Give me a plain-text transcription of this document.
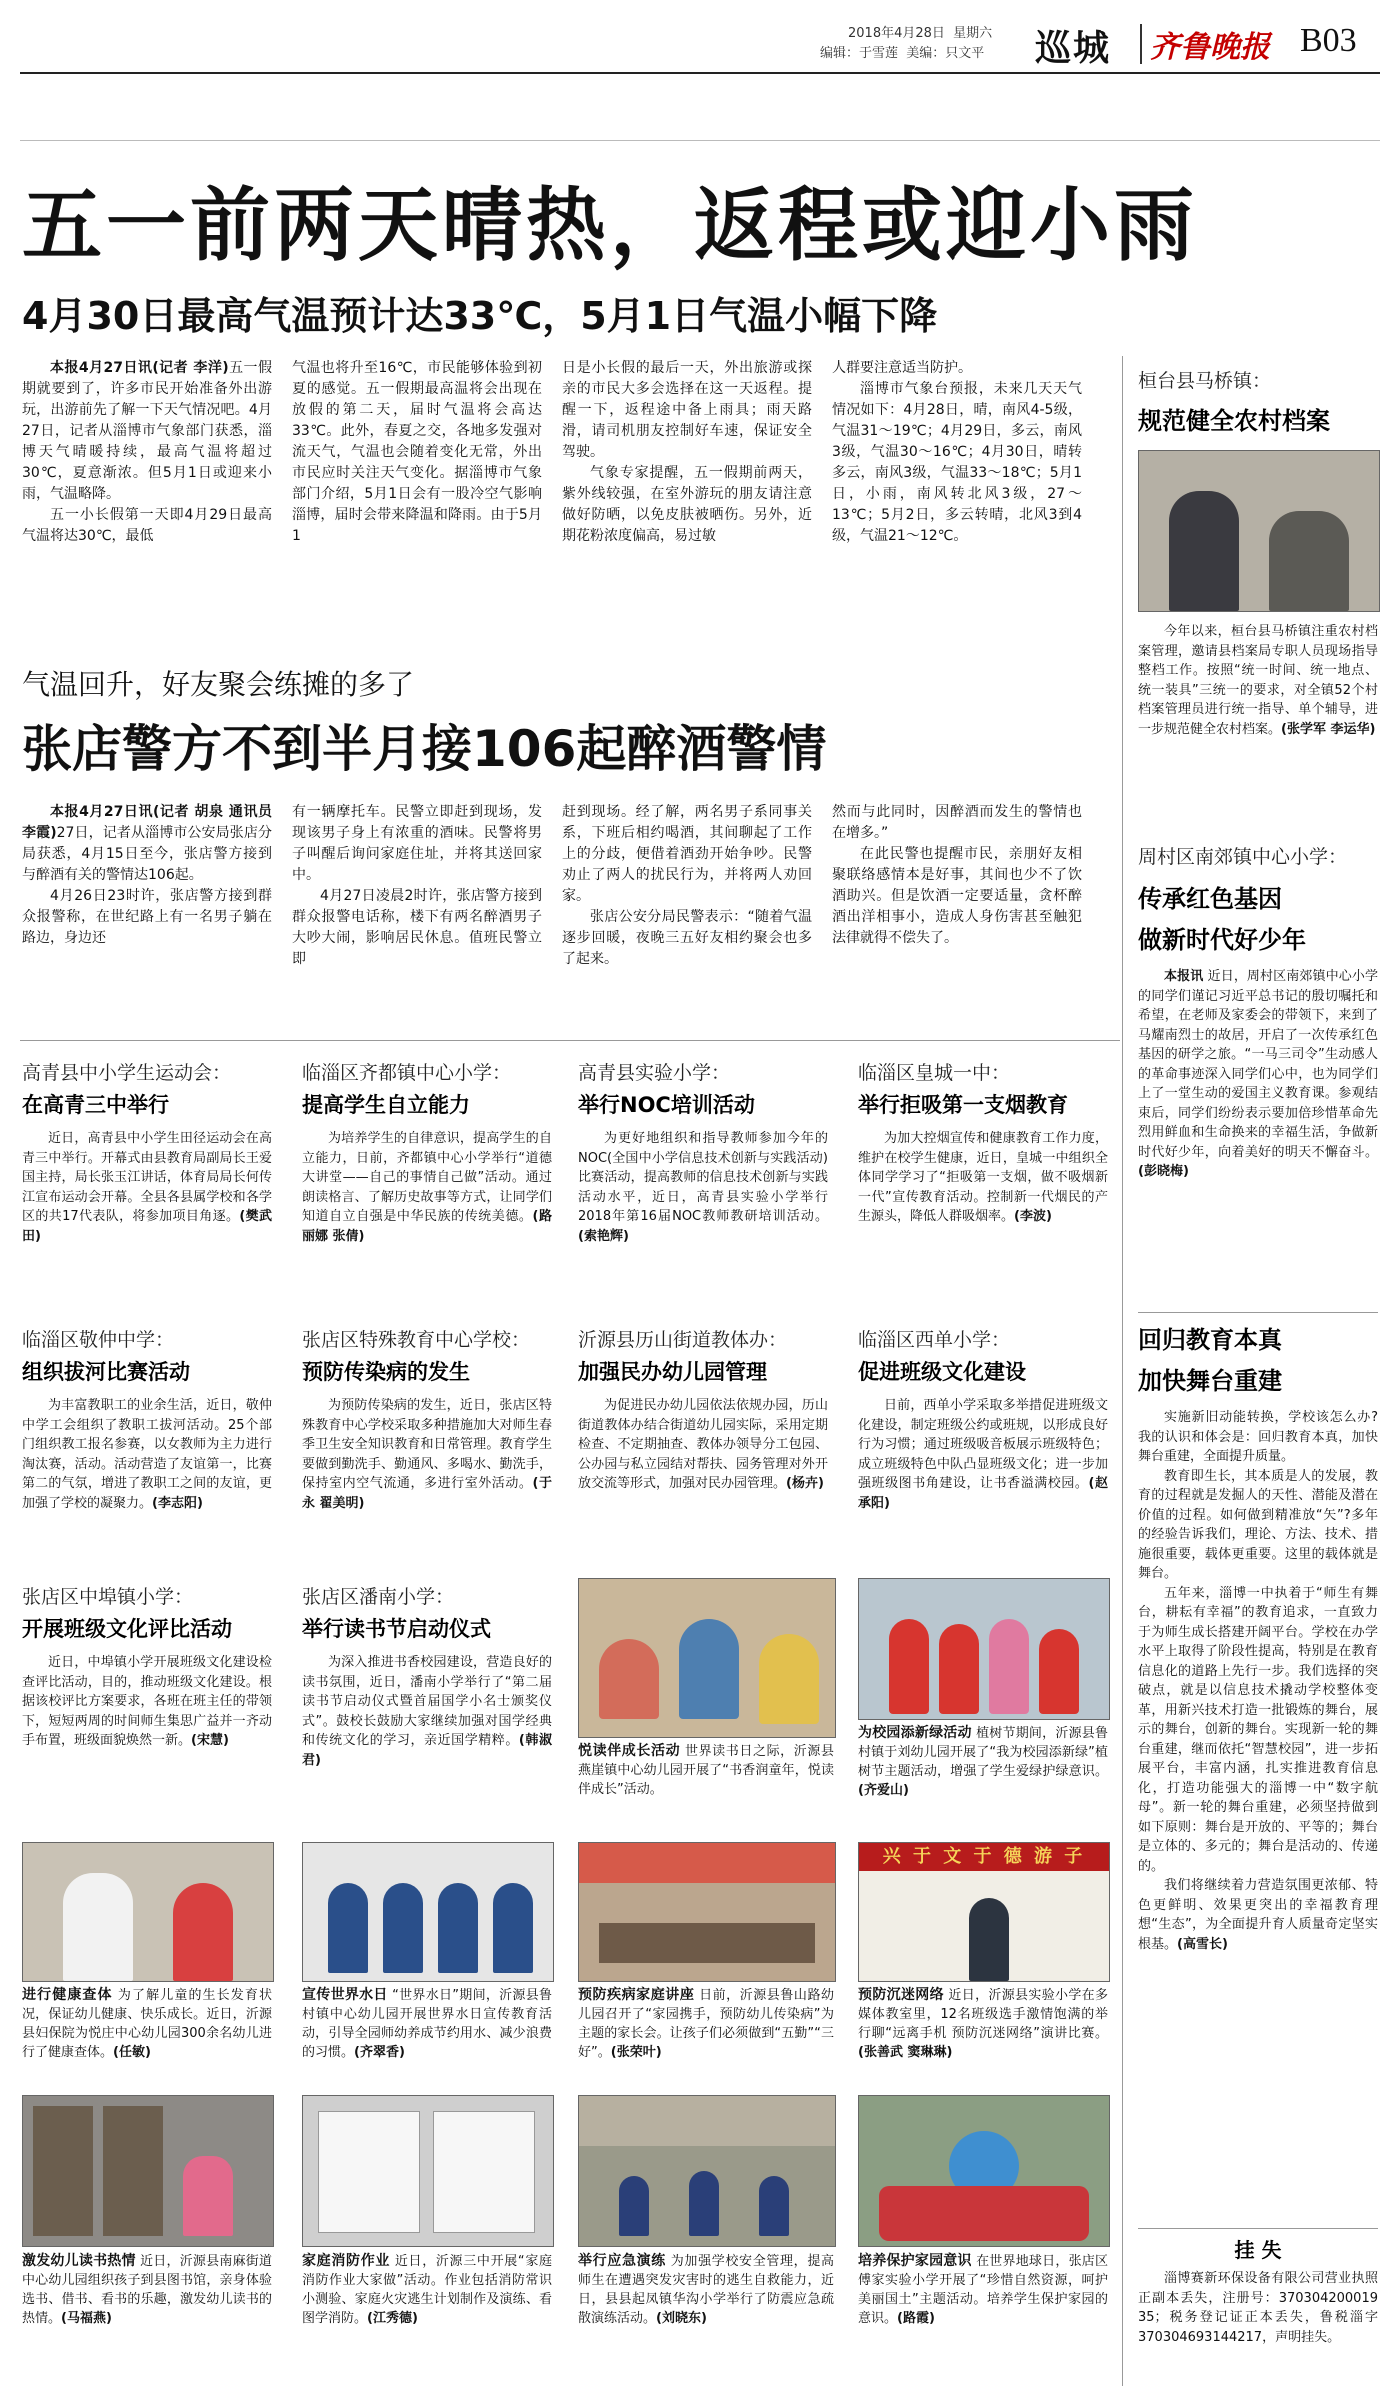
2018年4月28日 星期六
编辑：于雪莲 美编：只文平 巡城 齐鲁晚报 B03
五一前两天晴热，返程或迎小雨
4月30日最高气温预计达33℃，5月1日气温小幅下降

本报4月27日讯(记者 李洋)五一假期就要到了，许多市民开始准备外出游玩，出游前先了解一下天气情况吧。4月27日，记者从淄博市气象部门获悉，淄博天气晴暖持续，最高气温将超过30℃，夏意渐浓。但5月1日或迎来小雨，气温略降。

五一小长假第一天即4月29日最高气温将达30℃，最低

气温也将升至16℃，市民能够体验到初夏的感觉。五一假期最高温将会出现在放假的第二天，届时气温将会高达33℃。此外，春夏之交，各地多发强对流天气，气温也会随着变化无常，外出市民应时关注天气变化。据淄博市气象部门介绍，5月1日会有一股冷空气影响淄博，届时会带来降温和降雨。由于5月1

日是小长假的最后一天，外出旅游或探亲的市民大多会选择在这一天返程。提醒一下，返程途中备上雨具；雨天路滑，请司机朋友控制好车速，保证安全驾驶。

气象专家提醒，五一假期前两天，紫外线较强，在室外游玩的朋友请注意做好防晒，以免皮肤被晒伤。另外，近期花粉浓度偏高，易过敏

人群要注意适当防护。

淄博市气象台预报，未来几天天气情况如下：4月28日，晴，南风4-5级，气温31～19℃；4月29日，多云，南风3级，气温30～16℃；4月30日，晴转多云，南风3级，气温33～18℃；5月1日，小雨，南风转北风3级，27～13℃；5月2日，多云转晴，北风3到4级，气温21～12℃。

气温回升，好友聚会练摊的多了
张店警方不到半月接106起醉酒警情

本报4月27日讯(记者 胡泉 通讯员 李霞)27日，记者从淄博市公安局张店分局获悉，4月15日至今，张店警方接到与醉酒有关的警情达106起。

4月26日23时许，张店警方接到群众报警称，在世纪路上有一名男子躺在路边，身边还

有一辆摩托车。民警立即赶到现场，发现该男子身上有浓重的酒味。民警将男子叫醒后询问家庭住址，并将其送回家中。

4月27日凌晨2时许，张店警方接到群众报警电话称，楼下有两名醉酒男子大吵大闹，影响居民休息。值班民警立即

赶到现场。经了解，两名男子系同事关系，下班后相约喝酒，其间聊起了工作上的分歧，便借着酒劲开始争吵。民警劝止了两人的扰民行为，并将两人劝回家。

张店公安分局民警表示：“随着气温逐步回暖，夜晚三五好友相约聚会也多了起来。

然而与此同时，因醉酒而发生的警情也在增多。”

在此民警也提醒市民，亲朋好友相聚联络感情本是好事，其间也少不了饮酒助兴。但是饮酒一定要适量，贪杯醉酒出洋相事小，造成人身伤害甚至触犯法律就得不偿失了。

高青县中小学生运动会：
在高青三中举行

近日，高青县中小学生田径运动会在高青三中举行。开幕式由县教育局副局长王爱国主持，局长张玉江讲话，体育局局长何传江宣布运动会开幕。全县各县属学校和各学区的共17代表队，将参加项目角逐。(樊武田)

临淄区齐都镇中心小学：
提高学生自立能力

为培养学生的自律意识，提高学生的自立能力，日前，齐都镇中心小学举行“道德大讲堂——自己的事情自己做”活动。通过朗读格言、了解历史故事等方式，让同学们知道自立自强是中华民族的传统美德。(路丽娜 张倩)

高青县实验小学：
举行NOC培训活动

为更好地组织和指导教师参加今年的NOC(全国中小学信息技术创新与实践活动)比赛活动，提高教师的信息技术创新与实践活动水平，近日，高青县实验小学举行2018年第16届NOC教师教研培训活动。(索艳辉)

临淄区皇城一中：
举行拒吸第一支烟教育

为加大控烟宣传和健康教育工作力度，维护在校学生健康，近日，皇城一中组织全体同学学习了“拒吸第一支烟，做不吸烟新一代”宣传教育活动。控制新一代烟民的产生源头，降低人群吸烟率。(李波)

临淄区敬仲中学：
组织拔河比赛活动

为丰富教职工的业余生活，近日，敬仲中学工会组织了教职工拔河活动。25个部门组织教工报名参赛，以女教师为主力进行淘汰赛，活动。活动营造了友谊第一，比赛第二的气氛，增进了教职工之间的友谊，更加强了学校的凝聚力。(李志阳)

张店区特殊教育中心学校：
预防传染病的发生

为预防传染病的发生，近日，张店区特殊教育中心学校采取多种措施加大对师生春季卫生安全知识教育和日常管理。教育学生要做到勤洗手、勤通风、多喝水、勤洗手，保持室内空气流通，多进行室外活动。(于永 翟美明)

沂源县历山街道教体办：
加强民办幼儿园管理

为促进民办幼儿园依法依规办园，历山街道教体办结合街道幼儿园实际，采用定期检查、不定期抽查、教体办领导分工包园、公办园与私立园结对帮扶、园务管理对外开放交流等形式，加强对民办园管理。(杨卉)

临淄区西单小学：
促进班级文化建设

日前，西单小学采取多举措促进班级文化建设，制定班级公约或班规，以形成良好行为习惯；通过班级吸音板展示班级特色；成立班级特色中队凸显班级文化；进一步加强班级图书角建设，让书香溢满校园。(赵承阳)

张店区中埠镇小学：
开展班级文化评比活动

近日，中埠镇小学开展班级文化建设检查评比活动，目的，推动班级文化建设。根据该校评比方案要求，各班在班主任的带领下，短短两周的时间师生集思广益并一齐动手布置，班级面貌焕然一新。(宋慧)

张店区潘南小学：
举行读书节启动仪式

为深入推进书香校园建设，营造良好的读书氛围，近日，潘南小学举行了“第二届读书节启动仪式暨首届国学小名士颁奖仪式”。鼓校长鼓励大家继续加强对国学经典和传统文化的学习，亲近国学精粹。(韩淑君)

悦读伴成长活动 世界读书日之际，沂源县燕崖镇中心幼儿园开展了“书香润童年，悦读伴成长”活动。
为校园添新绿活动 植树节期间，沂源县鲁村镇于刘幼儿园开展了“我为校园添新绿”植树节主题活动，增强了学生爱绿护绿意识。(齐爱山)
进行健康查体 为了解儿童的生长发育状况，保证幼儿健康、快乐成长。近日，沂源县妇保院为悦庄中心幼儿园300余名幼儿进行了健康查体。(任敏)
宣传世界水日 “世界水日”期间，沂源县鲁村镇中心幼儿园开展世界水日宣传教育活动，引导全园师幼养成节约用水、减少浪费的习惯。(齐翠香)
预防疾病家庭讲座 日前，沂源县鲁山路幼儿园召开了“家园携手，预防幼儿传染病”为主题的家长会。让孩子们必须做到“五勤”“三好”。(张荣叶)
兴 于 文 于 德 游 子
预防沉迷网络 近日，沂源县实验小学在多媒体教室里，12名班级选手激情饱满的举行聊“远离手机 预防沉迷网络”演讲比赛。(张善武 窦琳琳)
激发幼儿读书热情 近日，沂源县南麻街道中心幼儿园组织孩子到县图书馆，亲身体验选书、借书、看书的乐趣，激发幼儿读书的热情。(马福燕)
家庭消防作业 近日，沂源三中开展“家庭消防作业大家做”活动。作业包括消防常识小测验、家庭火灾逃生计划制作及演练、看图学消防。(江秀德)
举行应急演练 为加强学校安全管理，提高师生在遭遇突发灾害时的逃生自救能力，近日，县县起凤镇华沟小学举行了防震应急疏散演练活动。(刘晓东)
培养保护家园意识 在世界地球日，张店区傅家实验小学开展了“珍惜自然资源，呵护美丽国土”主题活动。培养学生保护家园的意识。(路霞)
桓台县马桥镇：
规范健全农村档案

今年以来，桓台县马桥镇注重农村档案管理，邀请县档案局专职人员现场指导整档工作。按照“统一时间、统一地点、统一装具”三统一的要求，对全镇52个村档案管理员进行统一指导、单个辅导，进一步规范健全农村档案。(张学军 李运华)

周村区南郊镇中心小学：
传承红色基因
做新时代好少年

本报讯 近日，周村区南郊镇中心小学的同学们谨记习近平总书记的殷切嘱托和希望，在老师及家委会的带领下，来到了马耀南烈士的故居，开启了一次传承红色基因的研学之旅。“一马三司令”生动感人的革命事迹深入同学们心中，也为同学们上了一堂生动的爱国主义教育课。参观结束后，同学们纷纷表示要加倍珍惜革命先烈用鲜血和生命换来的幸福生活，争做新时代好少年，向着美好的明天不懈奋斗。(彭晓梅)

回归教育本真
加快舞台重建

实施新旧动能转换，学校该怎么办?我的认识和体会是：回归教育本真，加快舞台重建，全面提升质量。

教育即生长，其本质是人的发展，教育的过程就是发掘人的天性、潜能及潜在价值的过程。如何做到精准放“矢”?多年的经验告诉我们，理论、方法、技术、措施很重要，载体更重要。这里的载体就是舞台。

五年来，淄博一中执着于“师生有舞台，耕耘有幸福”的教育追求，一直致力于为师生成长搭建开阔平台。学校在办学水平上取得了阶段性提高，特别是在教育信息化的道路上先行一步。我们选择的突破点，就是以信息技术撬动学校整体变革，用新兴技术打造一批锻炼的舞台，展示的舞台，创新的舞台。实现新一轮的舞台重建，继而依托“智慧校园”，进一步拓展平台，丰富内涵，扎实推进教育信息化，打造功能强大的淄博一中“数字航母”。新一轮的舞台重建，必须坚持做到如下原则：舞台是开放的、平等的；舞台是立体的、多元的；舞台是活动的、传递的。

我们将继续着力营造氛围更浓郁、特色更鲜明、效果更突出的幸福教育理想“生态”，为全面提升育人质量奇定坚实根基。(高雪长)

挂 失

淄博赛新环保设备有限公司营业执照正副本丢失，注册号：370304200019 35；税务登记证正本丢失，鲁税淄字370304693144217，声明挂失。
